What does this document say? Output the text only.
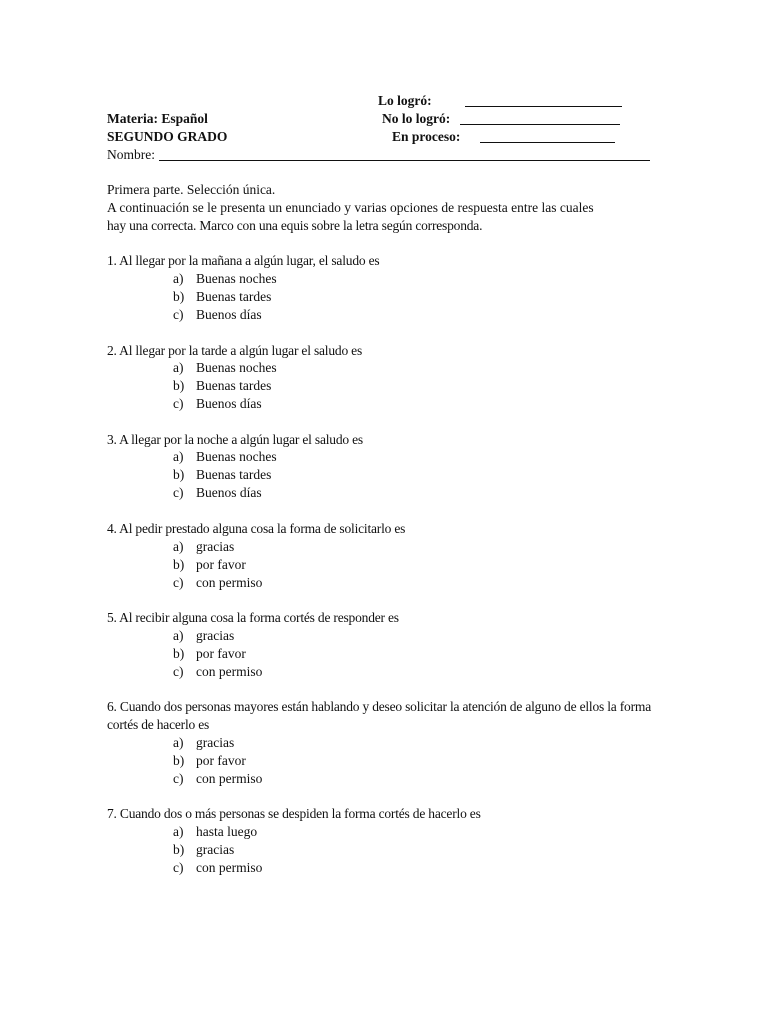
Lo logró:
Materia: Español	No lo logró:
SEGUNDO GRADO	En proceso:
Nombre:
Primera parte. Selección única.
A continuación se le presenta un enunciado y varias opciones de respuesta entre las cuales
hay una correcta. Marco con una equis sobre la letra según corresponda.
1. Al llegar por la mañana a algún lugar, el saludo es
a) Buenas noches
b) Buenas tardes
c) Buenos días
2. Al llegar por la tarde a algún lugar el saludo es
a) Buenas noches
b) Buenas tardes
c) Buenos días
3. A llegar por la noche a algún lugar el saludo es
a) Buenas noches
b) Buenas tardes
c) Buenos días
4. Al pedir prestado alguna cosa la forma de solicitarlo es
a) gracias
b) por favor
c) con permiso
5. Al recibir alguna cosa la forma cortés de responder es
a) gracias
b) por favor
c) con permiso
6. Cuando dos personas mayores están hablando y deseo solicitar la atención de alguno de ellos la forma cortés de hacerlo es
a) gracias
b) por favor
c) con permiso
7. Cuando dos o más personas se despiden la forma cortés de hacerlo es
a) hasta luego
b) gracias
c) con permiso
